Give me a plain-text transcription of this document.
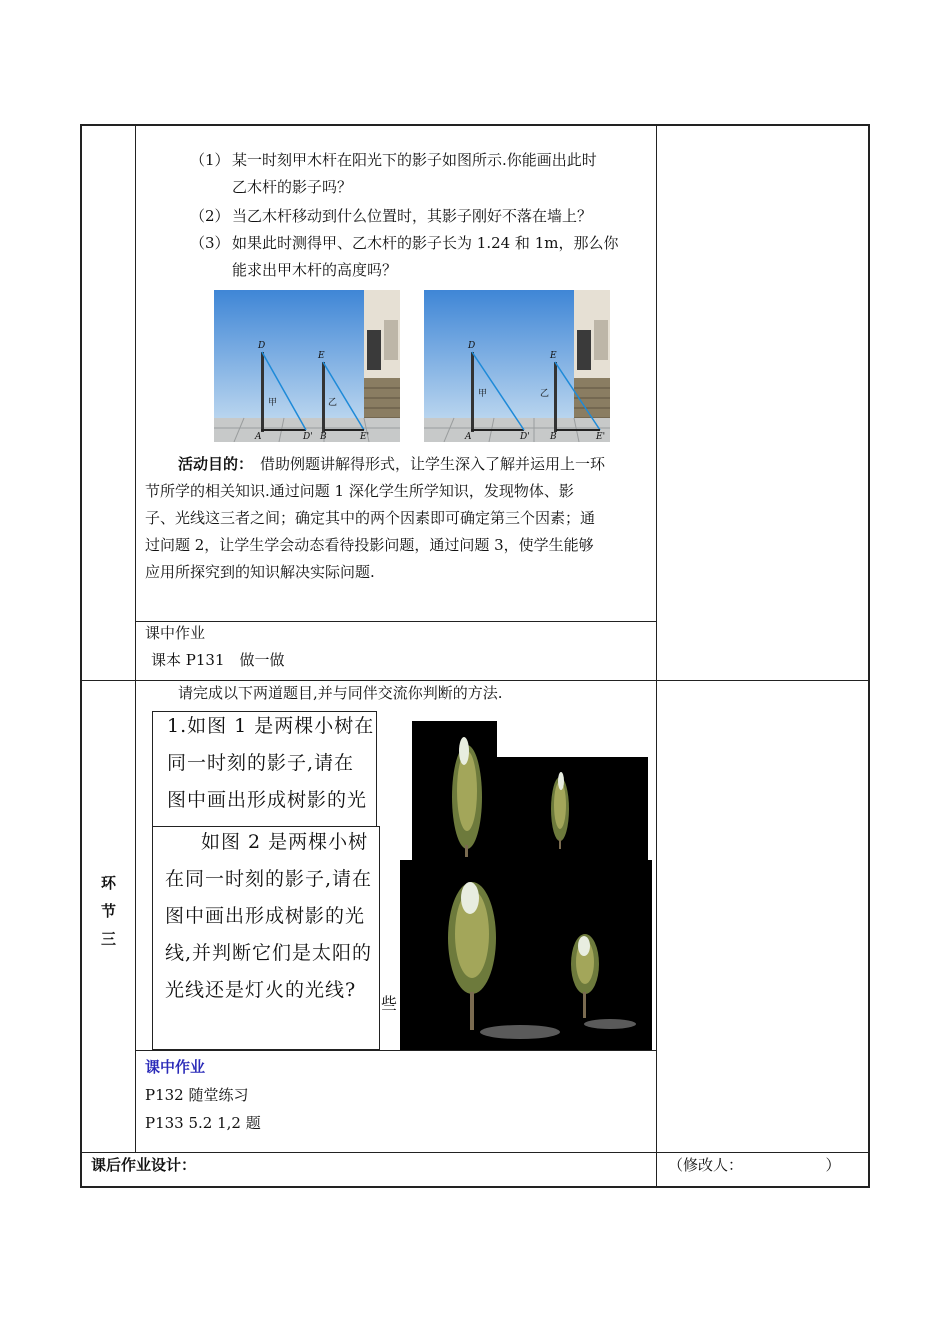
（1） 某一时刻甲木杆在阳光下的影子如图所示.你能画出此时
乙木杆的影子吗？
（2） 当乙木杆移动到什么位置时，其影子刚好不落在墙上？
（3） 如果此时测得甲、乙木杆的影子长为 1.24 和 1m，那么你
能求出甲木杆的高度吗？
D
E
甲	乙
A	D' B	E'
D
E
甲	乙
A	D' B	E'
活动目的： 借助例题讲解得形式，让学生深入了解并运用上一环
节所学的相关知识.通过问题 1 深化学生所学知识，发现物体、影
子、光线这三者之间；确定其中的两个因素即可确定第三个因素；通
过问题 2，让学生学会动态看待投影问题，通过问题 3，使学生能够
应用所探究到的知识解决实际问题.
课中作业
课本 P131　做一做
环
节
三
请完成以下两道题目,并与同伴交流你判断的方法.
1.如图 1 是两棵小树在
同一时刻的影子,请在
图中画出形成树影的光
如图 2 是两棵小树
在同一时刻的影子,请在
图中画出形成树影的光
线,并判断它们是太阳的
光线还是灯火的光线?
些
课中作业
P132 随堂练习
P133 5.2 1,2 题
课后作业设计：	（修改人：　　　　　　）
